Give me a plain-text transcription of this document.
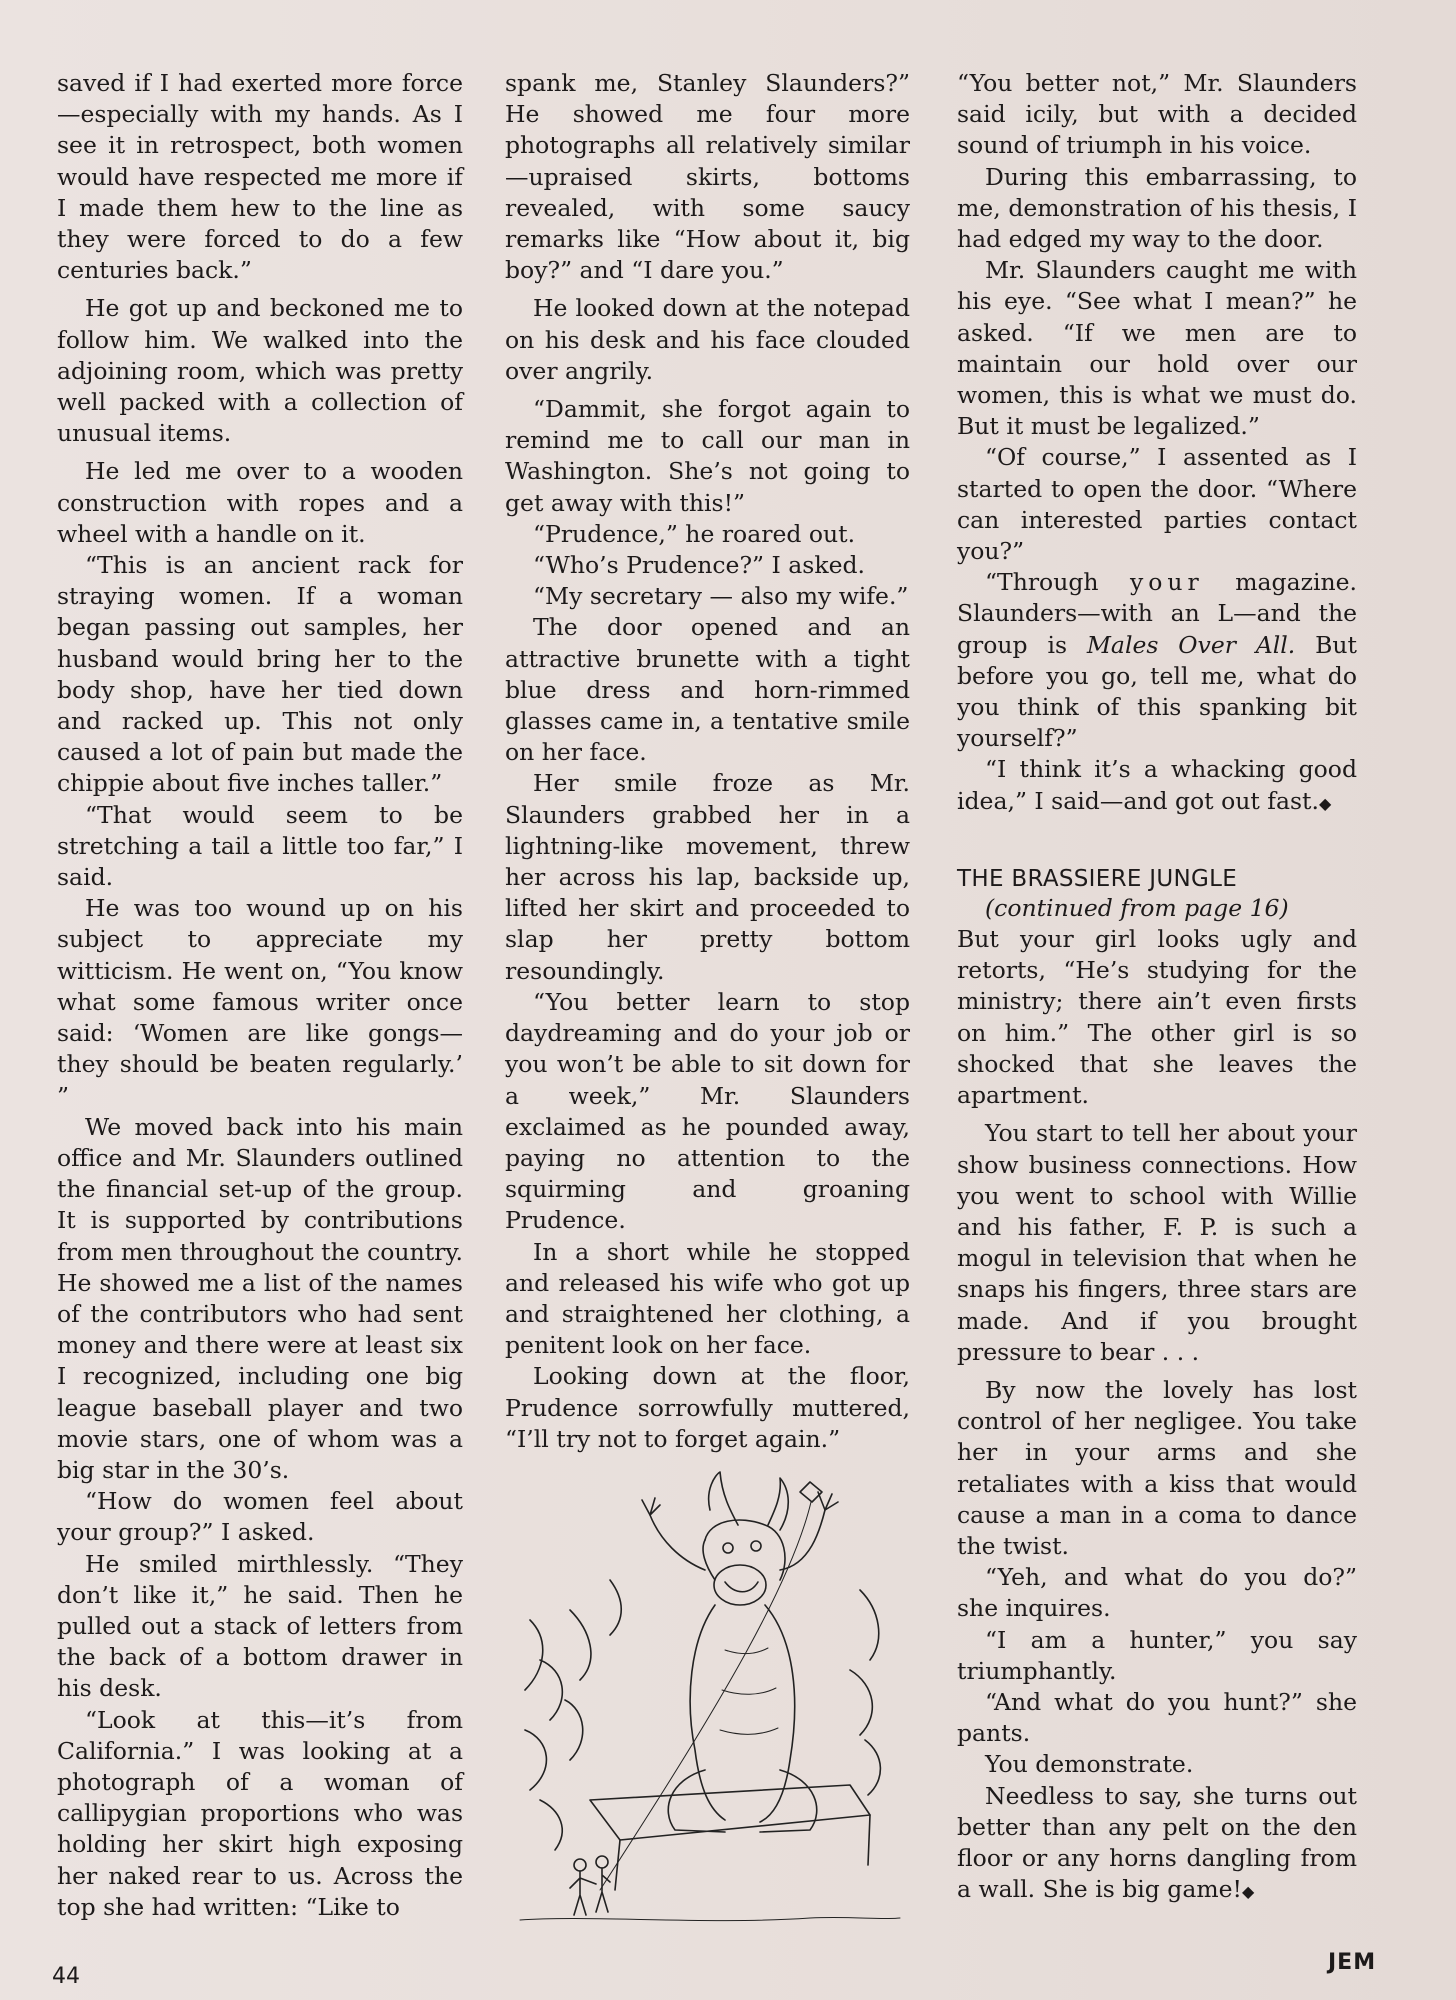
saved if I had exerted more force —especially with my hands. As I see it in retrospect, both women would have respected me more if I made them hew to the line as they were forced to do a few centuries back.”

He got up and beckoned me to follow him. We walked into the adjoining room, which was pretty well packed with a collection of unusual items.

He led me over to a wooden construction with ropes and a wheel with a handle on it.

“This is an ancient rack for straying women. If a woman began passing out samples, her husband would bring her to the body shop, have her tied down and racked up. This not only caused a lot of pain but made the chippie about five inches taller.”

“That would seem to be stretching a tail a little too far,” I said.

He was too wound up on his subject to appreciate my witticism. He went on, “You know what some famous writer once said: ‘Women are like gongs—they should be beaten regularly.’ ”

We moved back into his main office and Mr. Slaunders outlined the financial set-up of the group. It is supported by contributions from men throughout the country. He showed me a list of the names of the contributors who had sent money and there were at least six I recognized, including one big league baseball player and two movie stars, one of whom was a big star in the 30’s.

“How do women feel about your group?” I asked.

He smiled mirthlessly. “They don’t like it,” he said. Then he pulled out a stack of letters from the back of a bottom drawer in his desk.

“Look at this—it’s from California.” I was looking at a photograph of a woman of callipygian proportions who was holding her skirt high exposing her naked rear to us. Across the top she had written: “Like to

spank me, Stanley Slaunders?” He showed me four more photographs all relatively similar—upraised skirts, bottoms revealed, with some saucy remarks like “How about it, big boy?” and “I dare you.”

He looked down at the notepad on his desk and his face clouded over angrily.

“Dammit, she forgot again to remind me to call our man in Washington. She’s not going to get away with this!”

“Prudence,” he roared out.

“Who’s Prudence?” I asked.

“My secretary — also my wife.”

The door opened and an attractive brunette with a tight blue dress and horn-rimmed glasses came in, a tentative smile on her face.

Her smile froze as Mr. Slaunders grabbed her in a lightning-like movement, threw her across his lap, backside up, lifted her skirt and proceeded to slap her pretty bottom resoundingly.

“You better learn to stop daydreaming and do your job or you won’t be able to sit down for a week,” Mr. Slaunders exclaimed as he pounded away, paying no attention to the squirming and groaning Prudence.

In a short while he stopped and released his wife who got up and straightened her clothing, a penitent look on her face.

Looking down at the floor, Prudence sorrowfully muttered, “I’ll try not to forget again.”

“You better not,” Mr. Slaunders said icily, but with a decided sound of triumph in his voice.

During this embarrassing, to me, demonstration of his thesis, I had edged my way to the door.

Mr. Slaunders caught me with his eye. “See what I mean?” he asked. “If we men are to maintain our hold over our women, this is what we must do. But it must be legalized.”

“Of course,” I assented as I started to open the door. “Where can interested parties contact you?”

“Through your magazine. Slaunders—with an L—and the group is Males Over All. But before you go, tell me, what do you think of this spanking bit yourself?”

“I think it’s a whacking good idea,” I said—and got out fast.◆

THE BRASSIERE JUNGLE

(continued from page 16)

But your girl looks ugly and retorts, “He’s studying for the ministry; there ain’t even firsts on him.” The other girl is so shocked that she leaves the apartment.

You start to tell her about your show business connections. How you went to school with Willie and his father, F. P. is such a mogul in television that when he snaps his fingers, three stars are made. And if you brought pressure to bear . . .

By now the lovely has lost control of her negligee. You take her in your arms and she retaliates with a kiss that would cause a man in a coma to dance the twist.

“Yeh, and what do you do?” she inquires.

“I am a hunter,” you say triumphantly.

“And what do you hunt?” she pants.

You demonstrate.

Needless to say, she turns out better than any pelt on the den floor or any horns dangling from a wall. She is big game!◆

44
JEM
